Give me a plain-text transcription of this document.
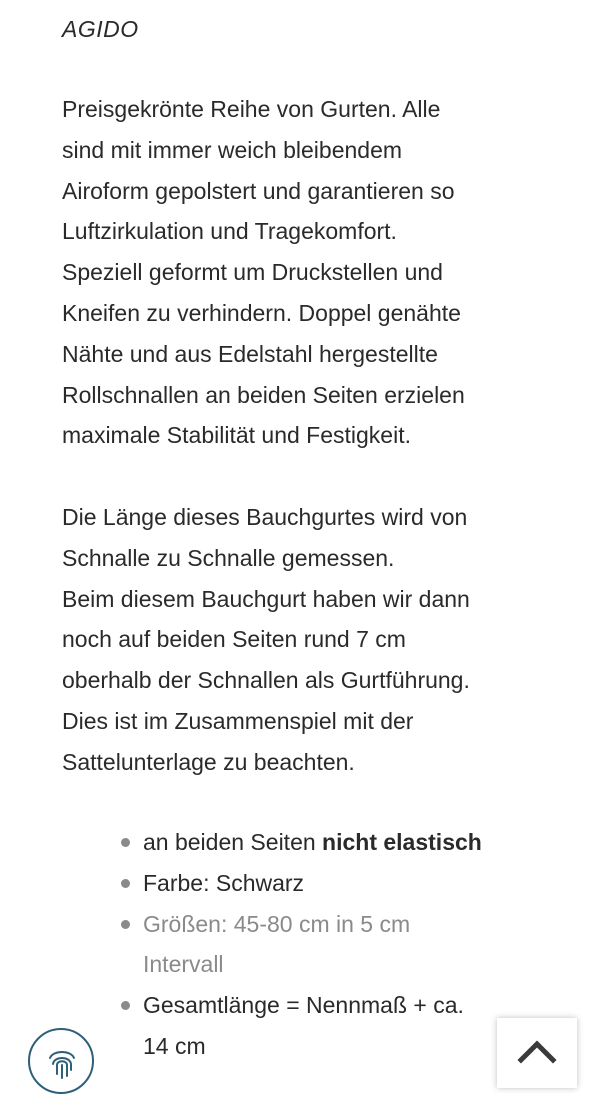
AGIDO

Preisgekrönte Reihe von Gurten. Alle

sind mit immer weich bleibendem

Airoform gepolstert und garantieren so

Luftzirkulation und Tragekomfort.

Speziell geformt um Druckstellen und

Kneifen zu verhindern. Doppel genähte

Nähte und aus Edelstahl hergestellte

Rollschnallen an beiden Seiten erzielen

maximale Stabilität und Festigkeit.

Die Länge dieses Bauchgurtes wird von

Schnalle zu Schnalle gemessen.

Beim diesem Bauchgurt haben wir dann

noch auf beiden Seiten rund 7 cm

oberhalb der Schnallen als Gurtführung.

Dies ist im Zusammenspiel mit der

Sattelunterlage zu beachten.

an beiden Seiten nicht elastisch
Farbe: Schwarz
Größen: 45-80 cm in 5 cm
Intervall
Gesamtlänge = Nennmaß + ca.
14 cm
